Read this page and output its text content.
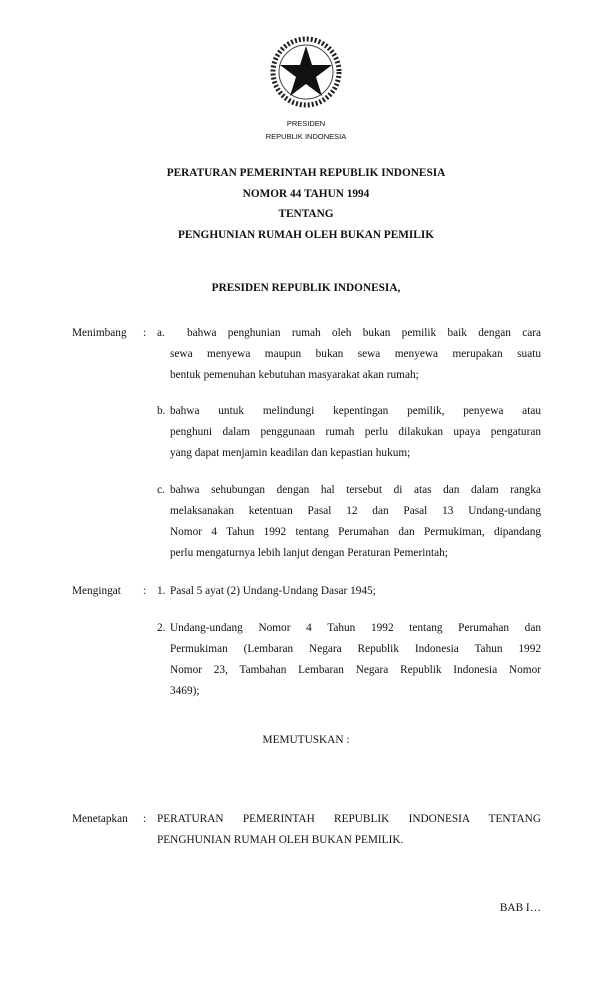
PRESIDEN
REPUBLIK INDONESIA
PERATURAN PEMERINTAH REPUBLIK INDONESIA
NOMOR 44 TAHUN 1994
TENTANG
PENGHUNIAN RUMAH OLEH BUKAN PEMILIK
PRESIDEN REPUBLIK INDONESIA,
Menimbang : a. bahwa penghunian rumah oleh bukan pemilik baik dengan cara
sewa menyewa maupun bukan sewa menyewa merupakan suatu
bentuk pemenuhan kebutuhan masyarakat akan rumah;
b. bahwa untuk melindungi kepentingan pemilik, penyewa atau
penghuni dalam penggunaan rumah perlu dilakukan upaya pengaturan
yang dapat menjamin keadilan dan kepastian hukum;
c. bahwa sehubungan dengan hal tersebut di atas dan dalam rangka
melaksanakan ketentuan Pasal 12 dan Pasal 13 Undang-undang
Nomor 4 Tahun 1992 tentang Perumahan dan Permukiman, dipandang
perlu mengaturnya lebih lanjut dengan Peraturan Pemerintah;
Mengingat : 1. Pasal 5 ayat (2) Undang-Undang Dasar 1945;
2. Undang-undang Nomor 4 Tahun 1992 tentang Perumahan dan
Permukiman (Lembaran Negara Republik Indonesia Tahun 1992
Nomor 23, Tambahan Lembaran Negara Republik Indonesia Nomor
3469);
MEMUTUSKAN :
Menetapkan : PERATURAN PEMERINTAH REPUBLIK INDONESIA TENTANG
PENGHUNIAN RUMAH OLEH BUKAN PEMILIK.
BAB I…
